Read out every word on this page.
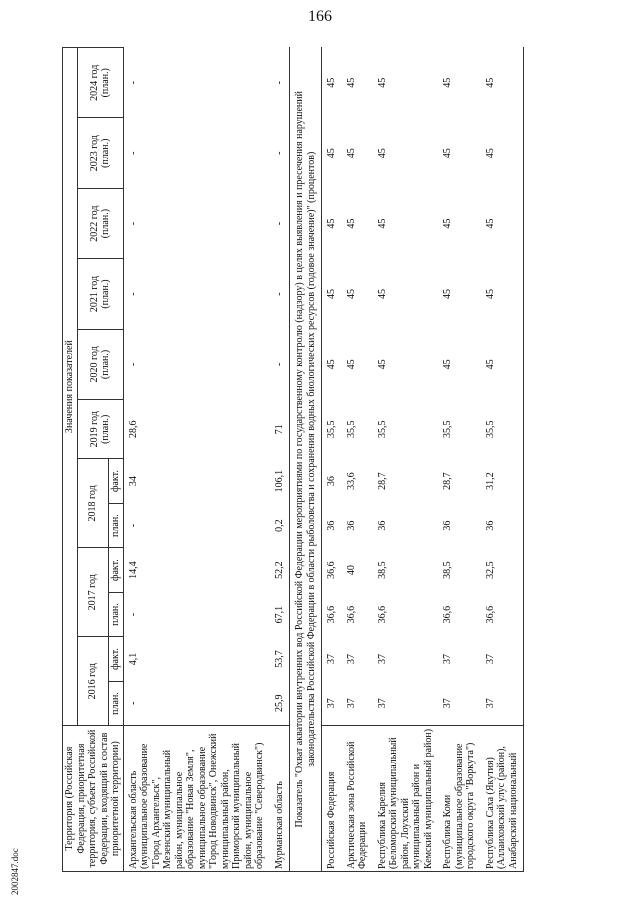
166
Территория (Российская Федерация, приоритетная территория, субъект Российской Федерации, входящий в состав приоритетной территории)	Значения показателей											
	2016 год		2017 год		2018 год		2019 год (план.)	2020 год (план.)	2021 год (план.)	2022 год (план.)	2023 год (план.)	2024 год (план.)
	план.	факт.	план.	факт.	план.	факт.						
Архангельская область (муниципальное образование "Город Архангельск", Мезенский муниципальный район, муниципальное образование "Новая Земля", муниципальное образование "Город Новодвинск", Онежский муниципальный район, Приморский муниципальный район, муниципальное образование "Северодвинск")	-	4,1	-	14,4	-	34	28,6	-	-	-	-	-
Мурманская область	25,9	53,7	67,1	52,2	0,2	106,1	71	-	-	-	-	-
Показатель "Охват акватории внутренних вод Российской Федерации мероприятиями по государственному контролю (надзору) в целях выявления и пресечения нарушений законодательства Российской Федерации в области рыболовства и сохранения водных биологических ресурсов (годовое значение)" (процентов)												
Российская Федерация	37	37	36,6	36,6	36	36	35,5	45	45	45	45	45
Арктическая зона Российской Федерации	37	37	36,6	40	36	33,6	35,5	45	45	45	45	45
Республика Карелия (Беломорский муниципальный район, Лоухский муниципальный район и Кемский муниципальный район)	37	37	36,6	38,5	36	28,7	35,5	45	45	45	45	45
Республика Коми (муниципальное образование городского округа "Воркута")	37	37	36,6	38,5	36	28,7	35,5	45	45	45	45	45
Республика Саха (Якутия) (Аллаиховский улус (район), Анабарский национальный	37	37	36,6	32,5	36	31,2	35,5	45	45	45	45	45
2002847.doc
